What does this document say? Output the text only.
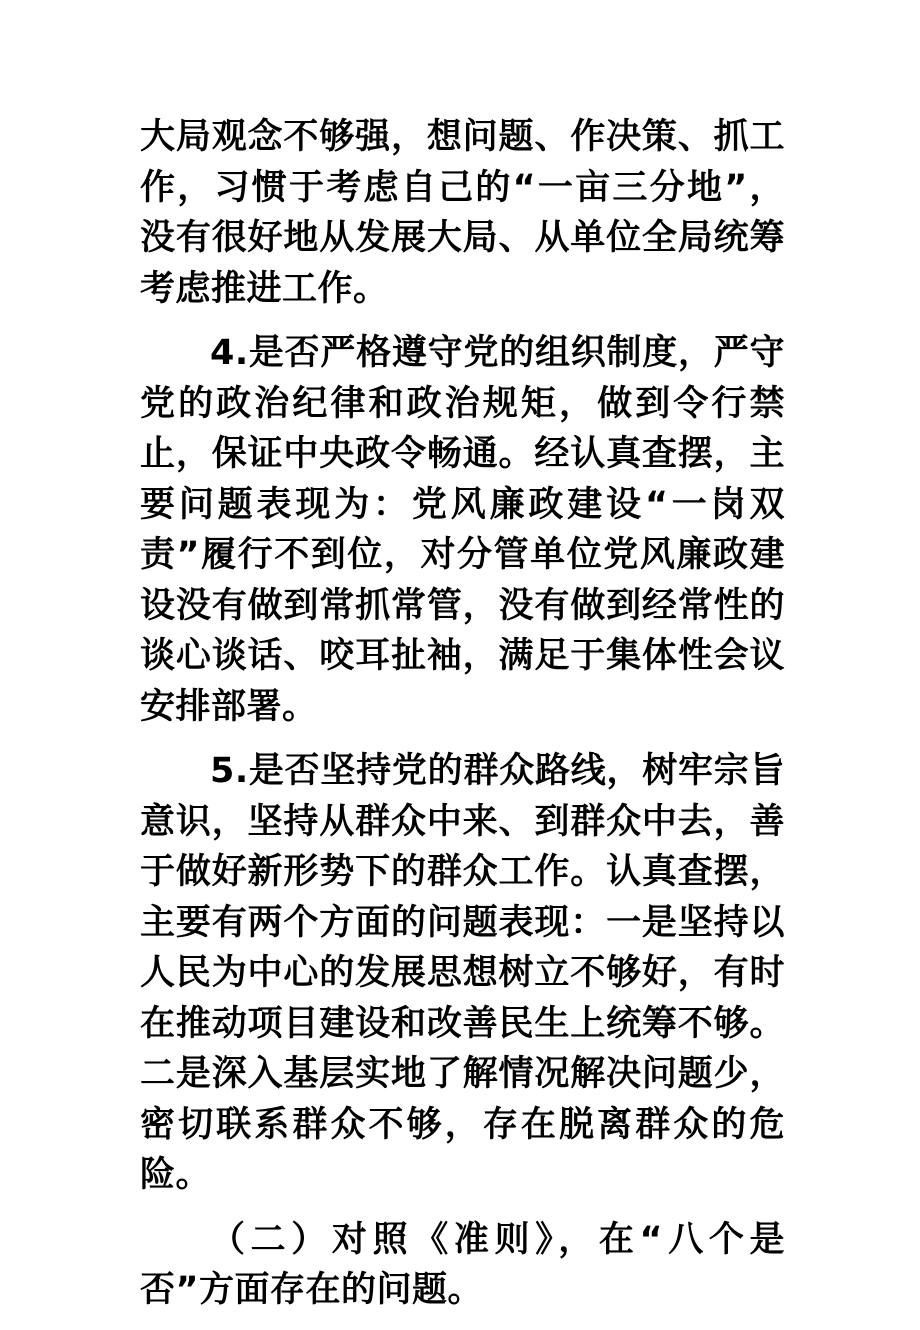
大局观念不够强，想问题、作决策、抓工作，习惯于考虑自己的“一亩三分地”，没有很好地从发展大局、从单位全局统筹考虑推进工作。

4.是否严格遵守党的组织制度，严守党的政治纪律和政治规矩，做到令行禁止，保证中央政令畅通。经认真查摆，主要问题表现为：党风廉政建设“一岗双责”履行不到位，对分管单位党风廉政建设没有做到常抓常管，没有做到经常性的谈心谈话、咬耳扯袖，满足于集体性会议安排部署。

5.是否坚持党的群众路线，树牢宗旨意识，坚持从群众中来、到群众中去，善于做好新形势下的群众工作。认真查摆，主要有两个方面的问题表现：一是坚持以人民为中心的发展思想树立不够好，有时在推动项目建设和改善民生上统筹不够。二是深入基层实地了解情况解决问题少，密切联系群众不够，存在脱离群众的危险。

（二）对照《准则》，在“八个是否”方面存在的问题。
